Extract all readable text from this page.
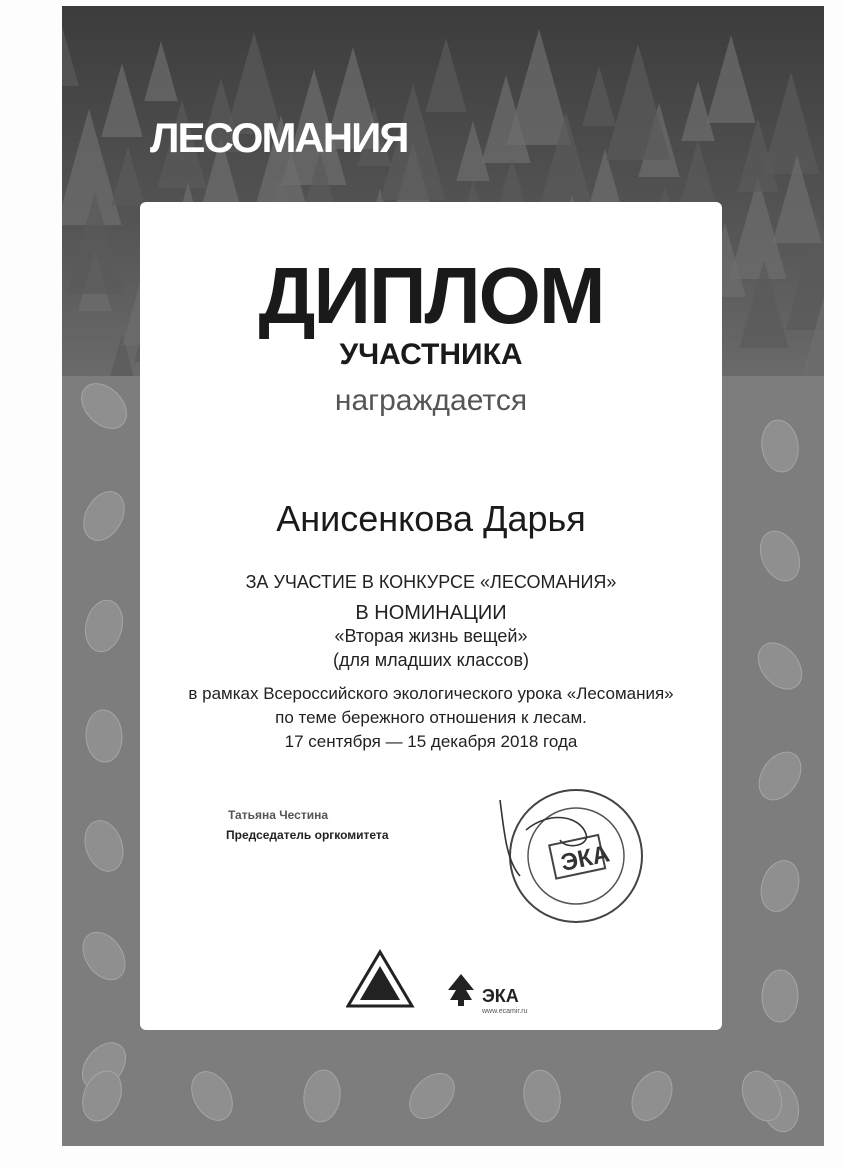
ЛЕСОМАНИЯ
ДИПЛОМ
УЧАСТНИКА
награждается
Анисенкова Дарья
ЗА УЧАСТИЕ В КОНКУРСЕ «ЛЕСОМАНИЯ»
В НОМИНАЦИИ
«Вторая жизнь вещей»
(для младших классов)
в рамках Всероссийского экологического урока «Лесомания»
по теме бережного отношения к лесам.
17 сентября — 15 декабря 2018 года
Татьяна Честина
Председатель оргкомитета
ЭКА
ЭКА
www.ecamir.ru
